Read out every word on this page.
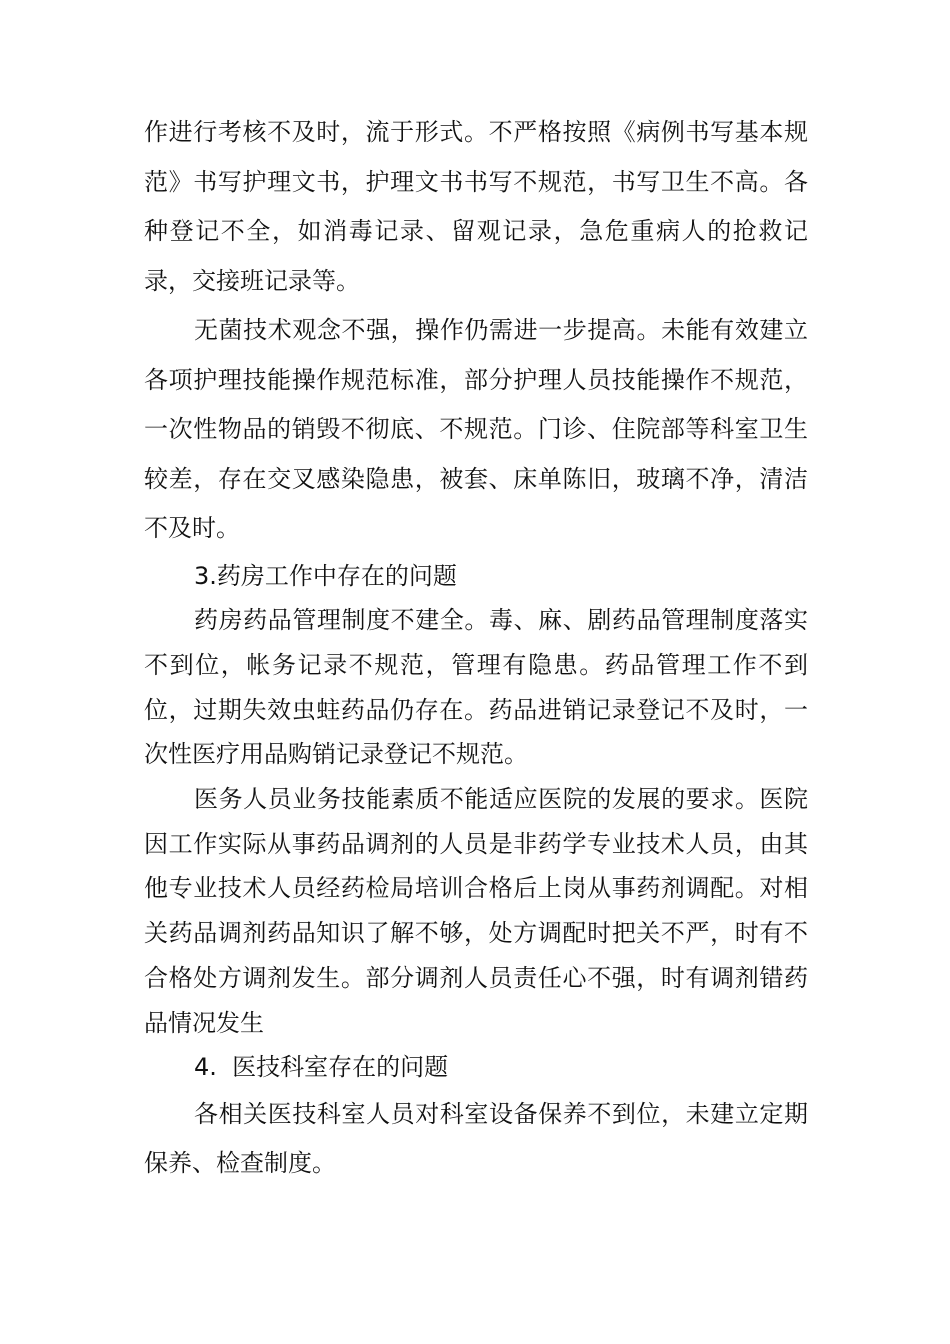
作进行考核不及时，流于形式。不严格按照《病例书写基本规范》书写护理文书，护理文书书写不规范，书写卫生不高。各种登记不全，如消毒记录、留观记录，急危重病人的抢救记录，交接班记录等。

无菌技术观念不强，操作仍需进一步提高。未能有效建立各项护理技能操作规范标准，部分护理人员技能操作不规范，一次性物品的销毁不彻底、不规范。门诊、住院部等科室卫生较差，存在交叉感染隐患，被套、床单陈旧，玻璃不净，清洁不及时。

3.药房工作中存在的问题

药房药品管理制度不建全。毒、麻、剧药品管理制度落实不到位，帐务记录不规范，管理有隐患。药品管理工作不到位，过期失效虫蛀药品仍存在。药品进销记录登记不及时，一次性医疗用品购销记录登记不规范。

医务人员业务技能素质不能适应医院的发展的要求。医院因工作实际从事药品调剂的人员是非药学专业技术人员，由其他专业技术人员经药检局培训合格后上岗从事药剂调配。对相关药品调剂药品知识了解不够，处方调配时把关不严，时有不合格处方调剂发生。部分调剂人员责任心不强，时有调剂错药品情况发生

4.  医技科室存在的问题

各相关医技科室人员对科室设备保养不到位，未建立定期保养、检查制度。
